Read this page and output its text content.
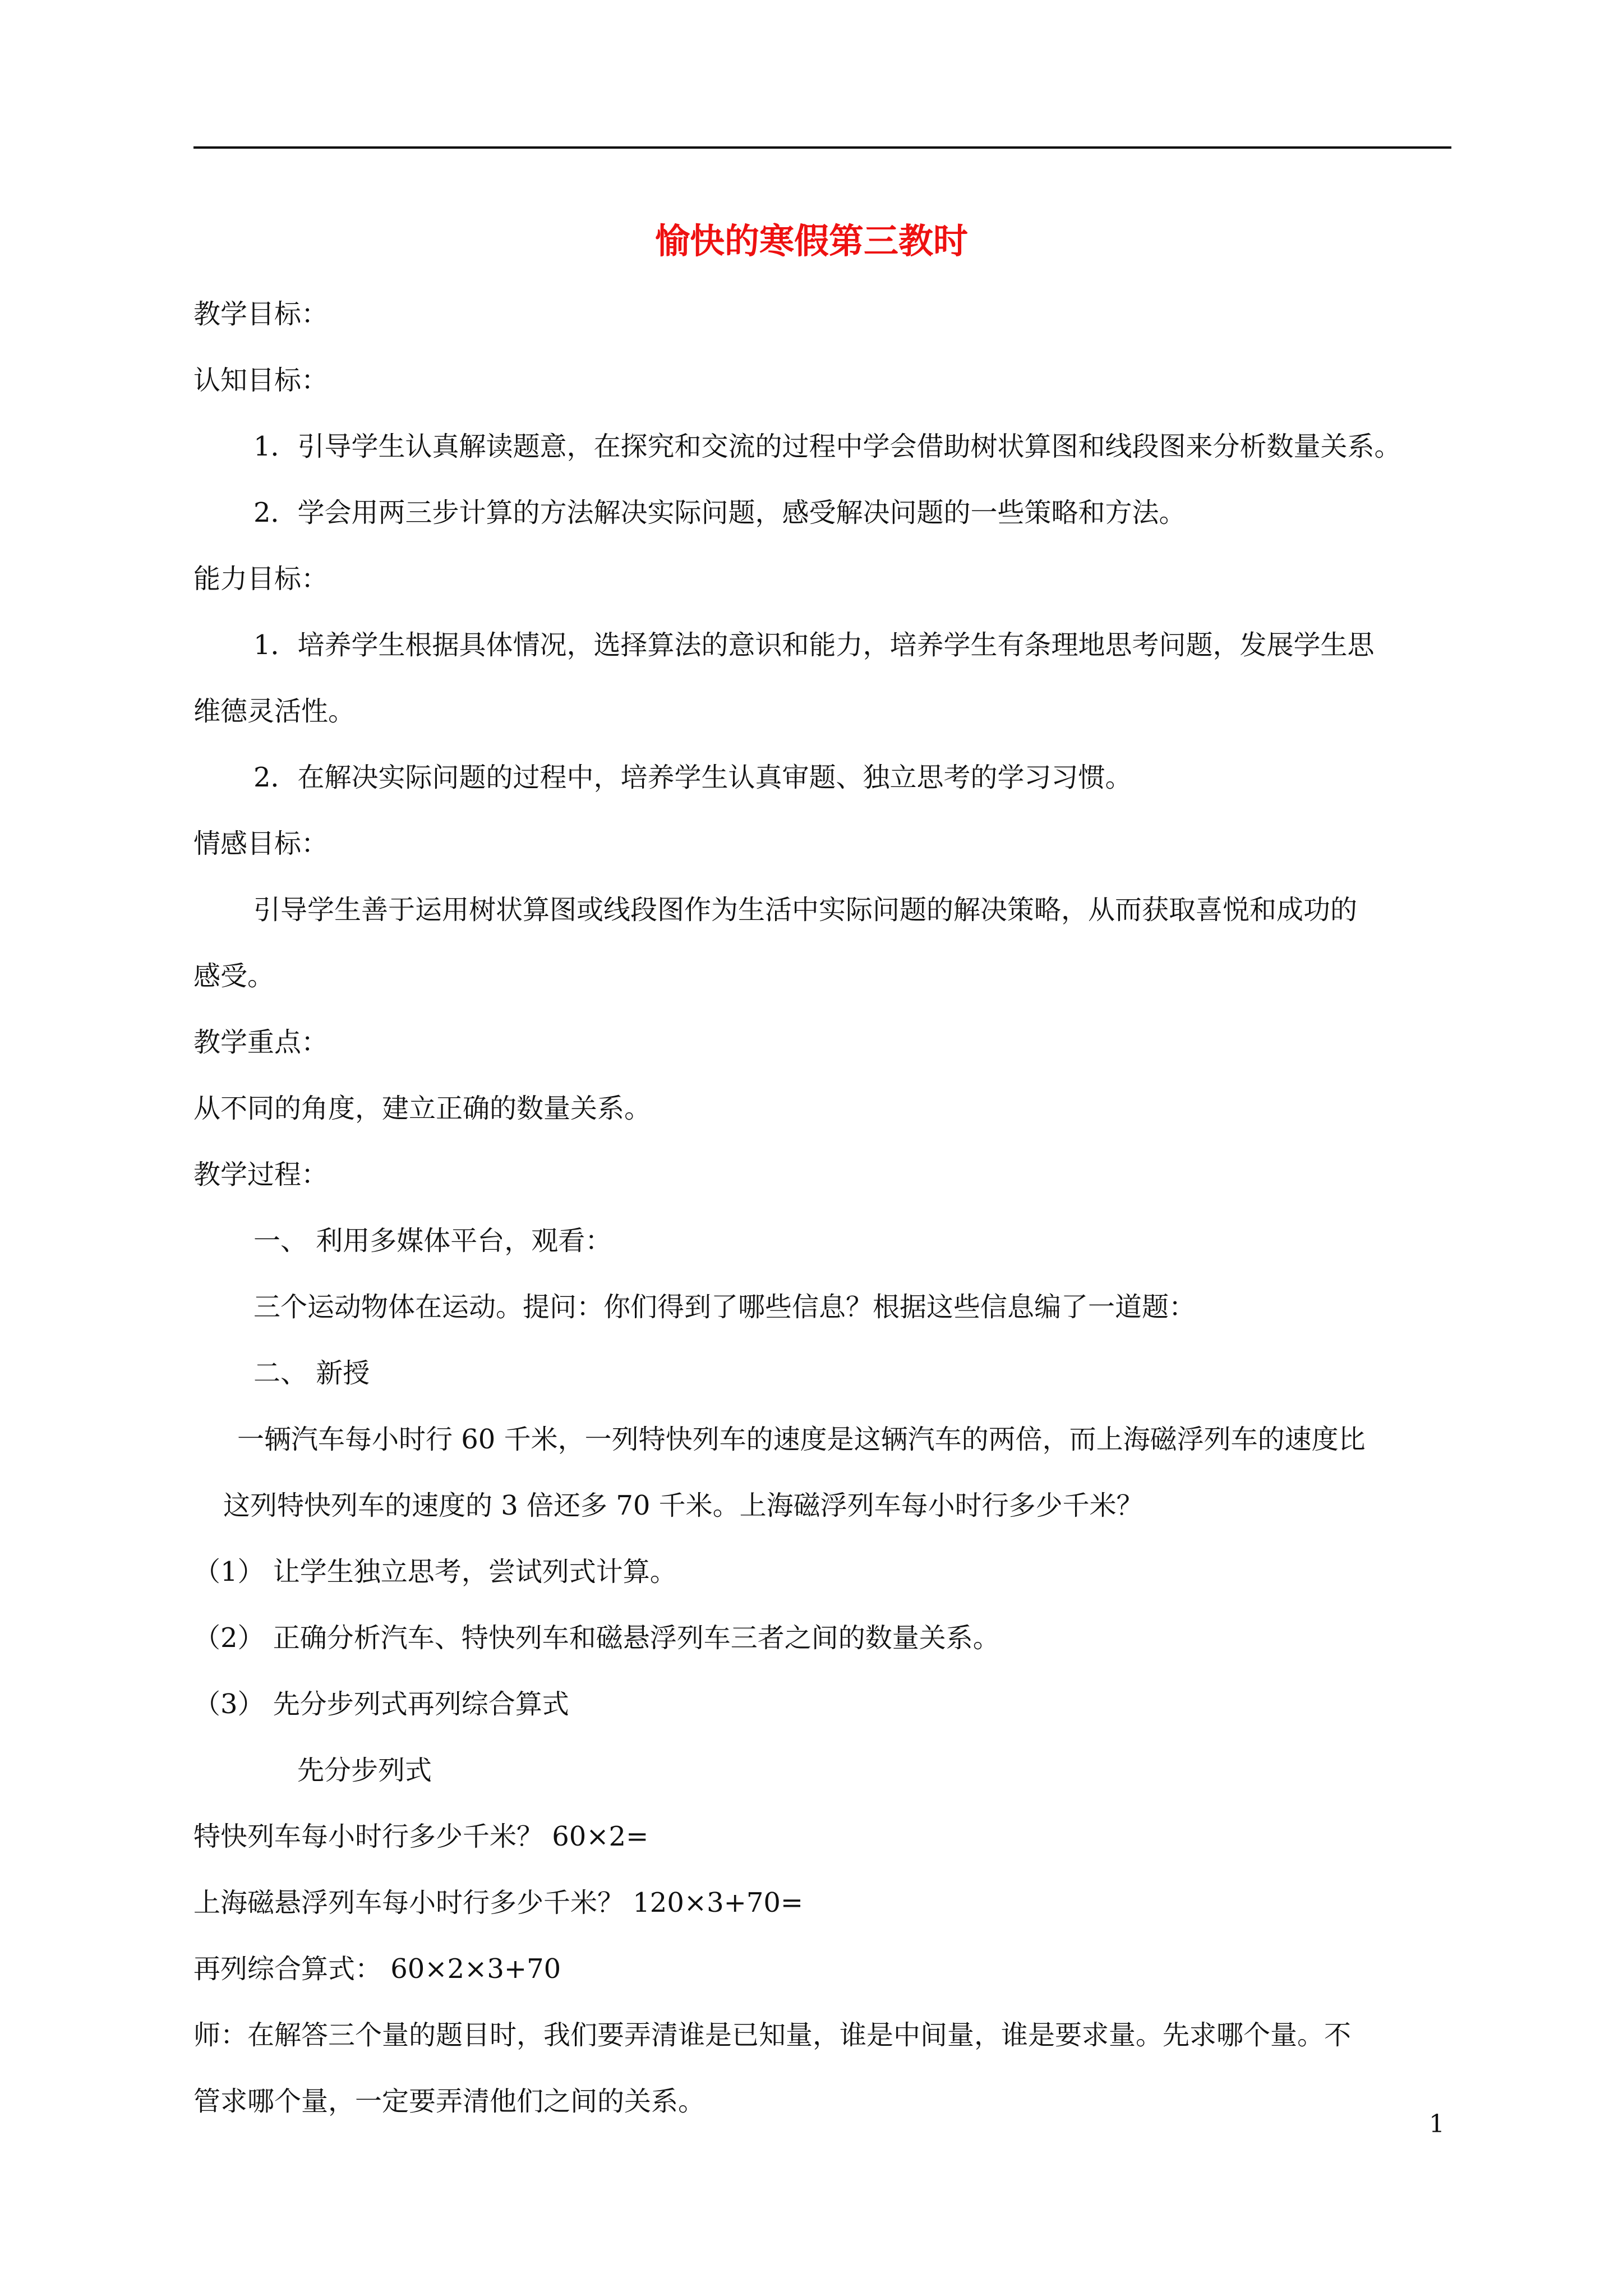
愉快的寒假第三教时
教学目标：
认知目标：
1．引导学生认真解读题意，在探究和交流的过程中学会借助树状算图和线段图来分析数量关系。
2．学会用两三步计算的方法解决实际问题，感受解决问题的一些策略和方法。
能力目标：
1．培养学生根据具体情况，选择算法的意识和能力，培养学生有条理地思考问题，发展学生思
维德灵活性。
2．在解决实际问题的过程中，培养学生认真审题、独立思考的学习习惯。
情感目标：
引导学生善于运用树状算图或线段图作为生活中实际问题的解决策略，从而获取喜悦和成功的
感受。
教学重点：
从不同的角度，建立正确的数量关系。
教学过程：
一、 利用多媒体平台，观看：
三个运动物体在运动。提问：你们得到了哪些信息？根据这些信息编了一道题：
二、 新授
一辆汽车每小时行 60 千米，一列特快列车的速度是这辆汽车的两倍，而上海磁浮列车的速度比
这列特快列车的速度的 3 倍还多 70 千米。上海磁浮列车每小时行多少千米？
（1） 让学生独立思考，尝试列式计算。
（2） 正确分析汽车、特快列车和磁悬浮列车三者之间的数量关系。
（3） 先分步列式再列综合算式
先分步列式
特快列车每小时行多少千米？ 60×2=
上海磁悬浮列车每小时行多少千米？ 120×3+70=
再列综合算式： 60×2×3+70
师：在解答三个量的题目时，我们要弄清谁是已知量，谁是中间量，谁是要求量。先求哪个量。不
管求哪个量，一定要弄清他们之间的关系。
1
